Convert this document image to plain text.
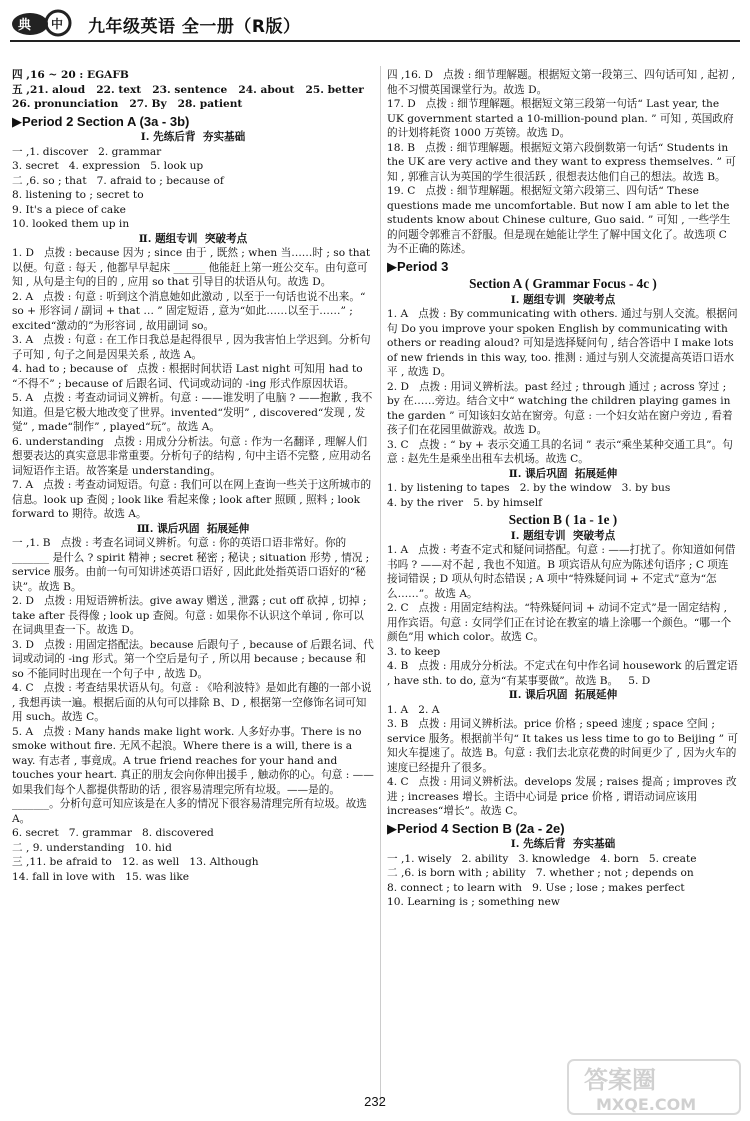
典 中 九年级英语 全一册（R版）
四 ,16 ~ 20 : EGAFB
五 ,21. aloud   22. text   23. sentence   24. about   25. better
26. pronunciation   27. By   28. patient
▶Period 2 Section A (3a - 3b)
Ⅰ. 先练后背  夯实基础
一 ,1. discover   2. grammar
3. secret   4. expression   5. look up
二 ,6. so ; that   7. afraid to ; because of
8. listening to ; secret to
9. It's a piece of cake
10. looked them up in
Ⅱ. 题组专训  突破考点
1. D   点拨 : because 因为 ; since 由于 , 既然 ; when 当……时 ; so that 以便。句意 : 每天 , 他都早早起床 ______ 他能赶上第一班公交车。由句意可知 , 从句是主句的目的 , 应用 so that 引导目的状语从句。故选 D。
2. A   点拨 : 句意 : 听到这个消息她如此激动 , 以至于一句话也说不出来。“ so + 形容词 / 副词 + that … ” 固定短语 , 意为“如此……以至于……” ; excited“激动的”为形容词 , 故用副词 so。
3. A   点拨 : 句意 : 在工作日我总是起得很早 , 因为我害怕上学迟到。分析句子可知 , 句子之间是因果关系 , 故选 A。
4. had to ; because of   点拨 : 根据时间状语 Last night 可知用 had to “不得不” ; because of 后跟名词、代词或动词的 -ing 形式作原因状语。
5. A   点拨 : 考查动词词义辨析。句意 : ——谁发明了电脑 ? ——抱歉 , 我不知道。但是它极大地改变了世界。invented“发明” , discovered“发现 , 发觉” , made“制作” , played“玩”。故选 A。
6. understanding   点拨 : 用成分分析法。句意 : 作为一名翻译 , 理解人们想要表达的真实意思非常重要。分析句子的结构 , 句中主语不完整 , 应用动名词短语作主语。故答案是 understanding。
7. A   点拨 : 考查动词短语。句意 : 我们可以在网上查询一些关于这所城市的信息。look up 查阅 ; look like 看起来像 ; look after 照顾 , 照料 ; look forward to 期待。故选 A。
Ⅲ. 课后巩固  拓展延伸
一 ,1. B   点拨 : 考查名词词义辨析。句意 : 你的英语口语非常好。你的 _______ 是什么 ? spirit 精神 ; secret 秘密 ; 秘诀 ; situation 形势 , 情况 ; service 服务。由前一句可知讲述英语口语好 , 因此此处指英语口语好的“秘诀”。故选 B。
2. D   点拨 : 用短语辨析法。give away 赠送 , 泄露 ; cut off 砍掉 , 切掉 ; take after 長得像 ; look up 查阅。句意 : 如果你不认识这个单词 , 你可以在词典里查一下。故选 D。
3. D   点拨 : 用固定搭配法。because 后跟句子 , because of 后跟名词、代词或动词的 -ing 形式。第一个空后是句子 , 所以用 because ; because 和 so 不能同时出现在一个句子中 , 故选 D。
4. C   点拨 : 考查结果状语从句。句意 : 《哈利波特》是如此有趣的一部小说 , 我想再读一遍。根据后面的从句可以排除 B、D , 根据第一空修饰名词可知用 such。故选 C。
5. A   点拨 : Many hands make light work. 人多好办事。There is no smoke without fire. 无风不起浪。Where there is a will, there is a way. 有志者 , 事竟成。A true friend reaches for your hand and touches your heart. 真正的朋友会向你伸出援手 , 触动你的心。句意 : ——如果我们每个人都提供帮助的话 , 很容易清理完所有垃圾。——是的。 _______。分析句意可知应该是在人多的情况下很容易清理完所有垃圾。故选 A。
6. secret   7. grammar   8. discovered
二 , 9. understanding   10. hid
三 ,11. be afraid to   12. as well   13. Although
14. fall in love with   15. was like
四 ,16. D   点拨 : 细节理解题。根据短文第一段第三、四句话可知 , 起初 , 他不习惯英国课堂行为。故选 D。
17. D   点拨 : 细节理解题。根据短文第三段第一句话“ Last year, the UK government started a 10-million-pound plan. ” 可知 , 英国政府的计划将耗资 1000 万英镑。故选 D。
18. B   点拨 : 细节理解题。根据短文第六段倒数第一句话“ Students in the UK are very active and they want to express themselves. ” 可知 , 郭雅言认为英国的学生很活跃 , 很想表达他们自己的想法。故选 B。
19. C   点拨 : 细节理解题。根据短文第六段第三、四句话“ These questions made me uncomfortable. But now I am able to let the students know about Chinese culture, Guo said. ” 可知 , 一些学生的问题令郭雅言不舒服。但是现在她能让学生了解中国文化了。故选项 C 为不正确的陈述。
▶Period 3
Section A ( Grammar Focus - 4c )
Ⅰ. 题组专训  突破考点
1. A   点拨 : By communicating with others. 通过与别人交流。根据问句 Do you improve your spoken English by communicating with others or reading aloud? 可知是选择疑问句 , 结合答语中 I make lots of new friends in this way, too. 推测 : 通过与别人交流提高英语口语水平 , 故选 D。
2. D   点拨 : 用词义辨析法。past 经过 ; through 通过 ; across 穿过 ; by 在……旁边。结合文中“ watching the children playing games in the garden ” 可知该妇女站在窗旁。句意 : 一个妇女站在窗户旁边 , 看着孩子们在花园里做游戏。故选 D。
3. C   点拨 : “ by + 表示交通工具的名词 ” 表示“乘坐某种交通工具”。句意 : 赵先生是乘坐出租车去机场。故选 C。
Ⅱ. 课后巩固  拓展延伸
1. by listening to tapes   2. by the window   3. by bus
4. by the river   5. by himself
Section B ( 1a - 1e )
Ⅰ. 题组专训  突破考点
1. A   点拨 : 考查不定式和疑问词搭配。句意 : ——打扰了。你知道如何借书吗 ? ——对不起 , 我也不知道。B 项宾语从句应为陈述句语序 ; C 项连接词错误 ; D 项从句时态错误 ; A 项中“特殊疑问词 + 不定式”意为“怎么……”。故选 A。
2. C   点拨 : 用固定结构法。“特殊疑问词 + 动词不定式”是一固定结构 , 用作宾语。句意 : 女同学们正在讨论在教室的墙上涂哪一个颜色。“哪一个颜色”用 which color。故选 C。
3. to keep
4. B   点拨 : 用成分分析法。不定式在句中作名词 housework 的后置定语 , have sth. to do, 意为“有某事要做”。故选 B。   5. D
Ⅱ. 课后巩固  拓展延伸
1. A   2. A
3. B   点拨 : 用词义辨析法。price 价格 ; speed 速度 ; space 空间 ; service 服务。根据前半句“ It takes us less time to go to Beijing ” 可知火车提速了。故选 B。句意 : 我们去北京花费的时间更少了 , 因为火车的速度已经提升了很多。
4. C   点拨 : 用词义辨析法。develops 发展 ; raises 提高 ; improves 改进 ; increases 增长。主语中心词是 price 价格 , 谓语动词应该用 increases“增长”。故选 C。
▶Period 4 Section B (2a - 2e)
Ⅰ. 先练后背  夯实基础
一 ,1. wisely   2. ability   3. knowledge   4. born   5. create
二 ,6. is born with ; ability   7. whether ; not ; depends on
8. connect ; to learn with   9. Use ; lose ; makes perfect
10. Learning is ; something new
232
答案圈
MXQE.COM
